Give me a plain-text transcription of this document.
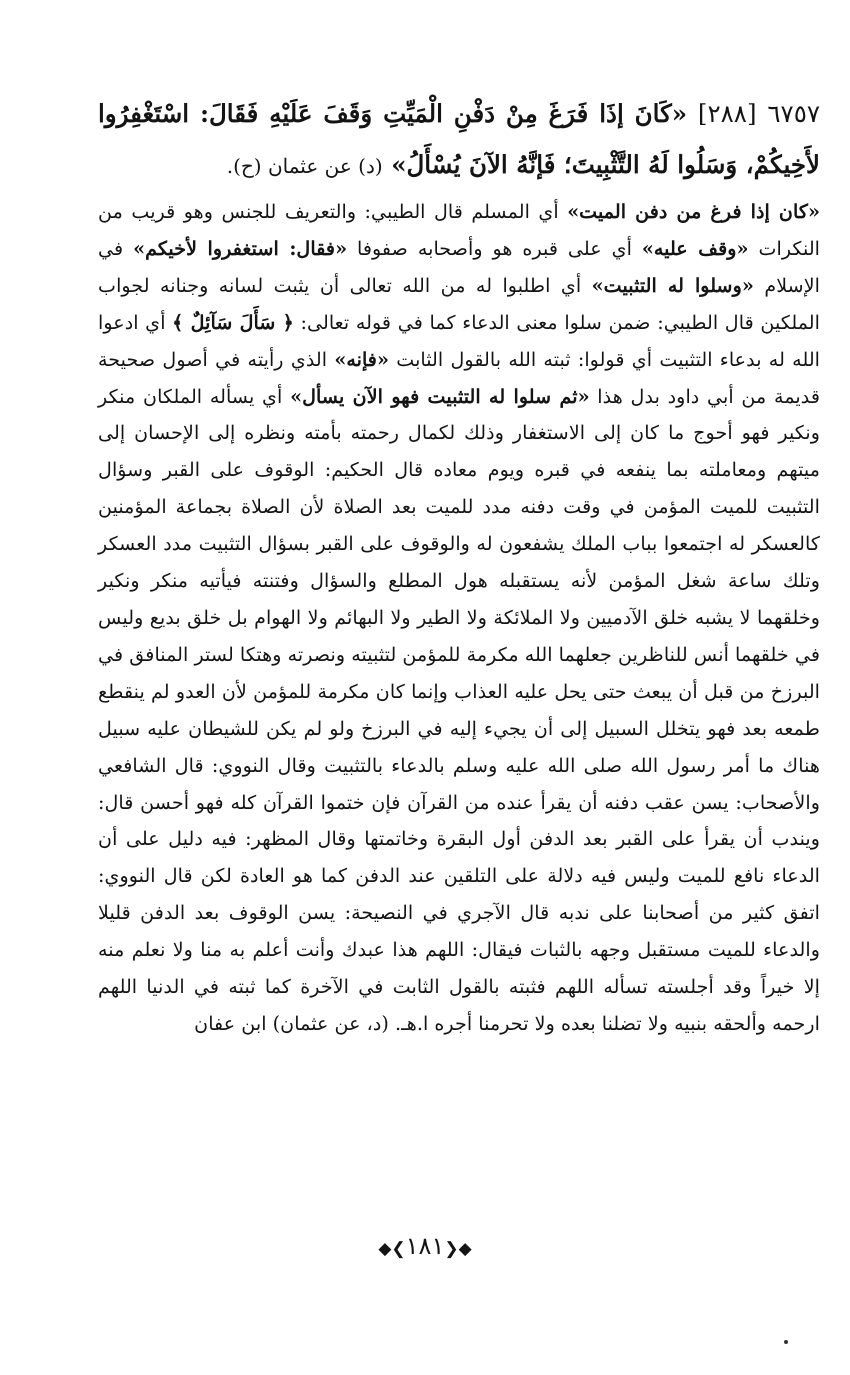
٦٧٥٧ [٢٨٨] «كَانَ إذَا فَرَغَ مِنْ دَفْنِ الْمَيِّتِ وَقَفَ عَلَيْهِ فَقَالَ: اسْتَغْفِرُوا لأَخِيكُمْ، وَسَلُوا لَهُ التَّثْبِيتَ؛ فَإنَّهُ الآنَ يُسْأَلُ» (د) عن عثمان (ح).

«كان إذا فرغ من دفن الميت» أي المسلم قال الطيبي: والتعريف للجنس وهو قريب من النكرات «وقف عليه» أي على قبره هو وأصحابه صفوفا «فقال: استغفروا لأخيكم» في الإسلام «وسلوا له التثبيت» أي اطلبوا له من الله تعالى أن يثبت لسانه وجنانه لجواب الملكين قال الطيبي: ضمن سلوا معنى الدعاء كما في قوله تعالى: ﴿ سَأَلَ سَآئِلٌ ﴾ أي ادعوا الله له بدعاء التثبيت أي قولوا: ثبته الله بالقول الثابت «فإنه» الذي رأيته في أصول صحيحة قديمة من أبي داود بدل هذا «ثم سلوا له التثبيت فهو الآن يسأل» أي يسأله الملكان منكر ونكير فهو أحوج ما كان إلى الاستغفار وذلك لكمال رحمته بأمته ونظره إلى الإحسان إلى ميتهم ومعاملته بما ينفعه في قبره ويوم معاده قال الحكيم: الوقوف على القبر وسؤال التثبيت للميت المؤمن في وقت دفنه مدد للميت بعد الصلاة لأن الصلاة بجماعة المؤمنين كالعسكر له اجتمعوا بباب الملك يشفعون له والوقوف على القبر بسؤال التثبيت مدد العسكر وتلك ساعة شغل المؤمن لأنه يستقبله هول المطلع والسؤال وفتنته فيأتيه منكر ونكير وخلقهما لا يشبه خلق الآدميين ولا الملائكة ولا الطير ولا البهائم ولا الهوام بل خلق بديع وليس في خلقهما أنس للناظرين جعلهما الله مكرمة للمؤمن لتثبيته ونصرته وهتكا لستر المنافق في البرزخ من قبل أن يبعث حتى يحل عليه العذاب وإنما كان مكرمة للمؤمن لأن العدو لم ينقطع طمعه بعد فهو يتخلل السبيل إلى أن يجيء إليه في البرزخ ولو لم يكن للشيطان عليه سبيل هناك ما أمر رسول الله صلى الله عليه وسلم بالدعاء بالتثبيت وقال النووي: قال الشافعي والأصحاب: يسن عقب دفنه أن يقرأ عنده من القرآن فإن ختموا القرآن كله فهو أحسن قال: ويندب أن يقرأ على القبر بعد الدفن أول البقرة وخاتمتها وقال المظهر: فيه دليل على أن الدعاء نافع للميت وليس فيه دلالة على التلقين عند الدفن كما هو العادة لكن قال النووي: اتفق كثير من أصحابنا على ندبه قال الآجري في النصيحة: يسن الوقوف بعد الدفن قليلا والدعاء للميت مستقبل وجهه بالثبات فيقال: اللهم هذا عبدك وأنت أعلم به منا ولا نعلم منه إلا خيراً وقد أجلسته تسأله اللهم فثبته بالقول الثابت في الآخرة كما ثبته في الدنيا اللهم ارحمه وألحقه بنبيه ولا تضلنا بعده ولا تحرمنا أجره ا.هـ. (د، عن عثمان) ابن عفان

◆❮١٨١❯◆
